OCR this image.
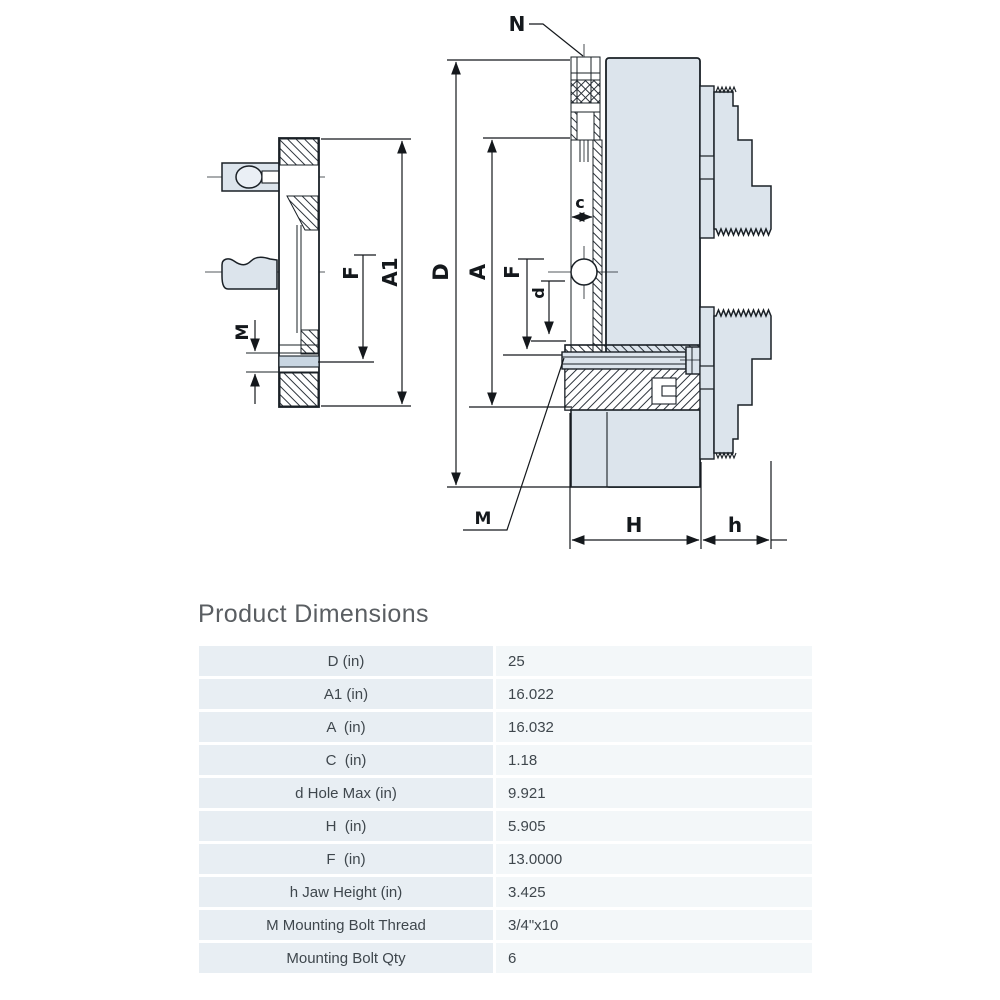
M
F A1
N
c
d
F
A
D
M	H	h
Product Dimensions
D (in)	25
A1 (in)	16.022
A  (in)	16.032
C  (in)	1.18
d Hole Max (in)	9.921
H  (in)	5.905
F  (in)	13.0000
h Jaw Height (in)	3.425
M Mounting Bolt Thread	3/4"x10
Mounting Bolt Qty	6
